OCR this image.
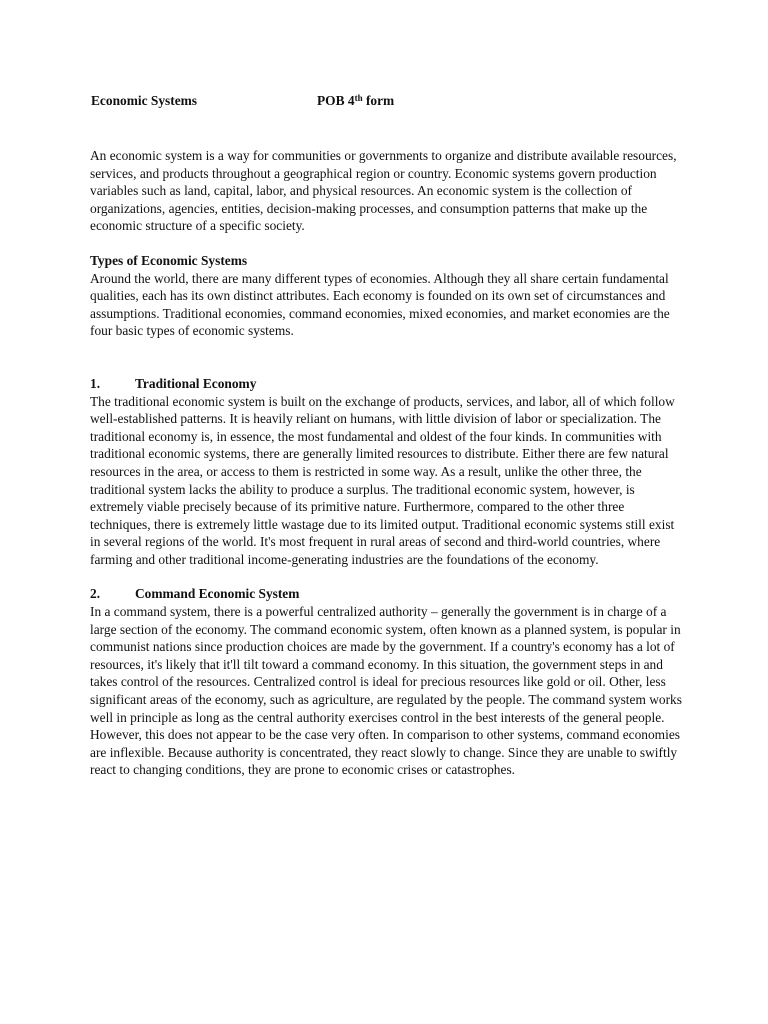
Economic Systems	POB 4th form

An economic system is a way for communities or governments to organize and distribute available resources, services, and products throughout a geographical region or country. Economic systems govern production variables such as land, capital, labor, and physical resources. An economic system is the collection of organizations, agencies, entities, decision-making processes, and consumption patterns that make up the economic structure of a specific society.

Types of Economic Systems

Around the world, there are many different types of economies. Although they all share certain fundamental qualities, each has its own distinct attributes. Each economy is founded on its own set of circumstances and assumptions. Traditional economies, command economies, mixed economies, and market economies are the four basic types of economic systems.

1.	Traditional Economy

The traditional economic system is built on the exchange of products, services, and labor, all of which follow well-established patterns. It is heavily reliant on humans, with little division of labor or specialization. The traditional economy is, in essence, the most fundamental and oldest of the four kinds. In communities with traditional economic systems, there are generally limited resources to distribute. Either there are few natural resources in the area, or access to them is restricted in some way. As a result, unlike the other three, the traditional system lacks the ability to produce a surplus. The traditional economic system, however, is extremely viable precisely because of its primitive nature. Furthermore, compared to the other three techniques, there is extremely little wastage due to its limited output. Traditional economic systems still exist in several regions of the world. It's most frequent in rural areas of second and third-world countries, where farming and other traditional income-generating industries are the foundations of the economy.

2.	Command Economic System

In a command system, there is a powerful centralized authority – generally the government is in charge of a large section of the economy. The command economic system, often known as a planned system, is popular in communist nations since production choices are made by the government. If a country's economy has a lot of resources, it's likely that it'll tilt toward a command economy. In this situation, the government steps in and takes control of the resources. Centralized control is ideal for precious resources like gold or oil. Other, less significant areas of the economy, such as agriculture, are regulated by the people. The command system works well in principle as long as the central authority exercises control in the best interests of the general people. However, this does not appear to be the case very often. In comparison to other systems, command economies are inflexible. Because authority is concentrated, they react slowly to change. Since they are unable to swiftly react to changing conditions, they are prone to economic crises or catastrophes.
